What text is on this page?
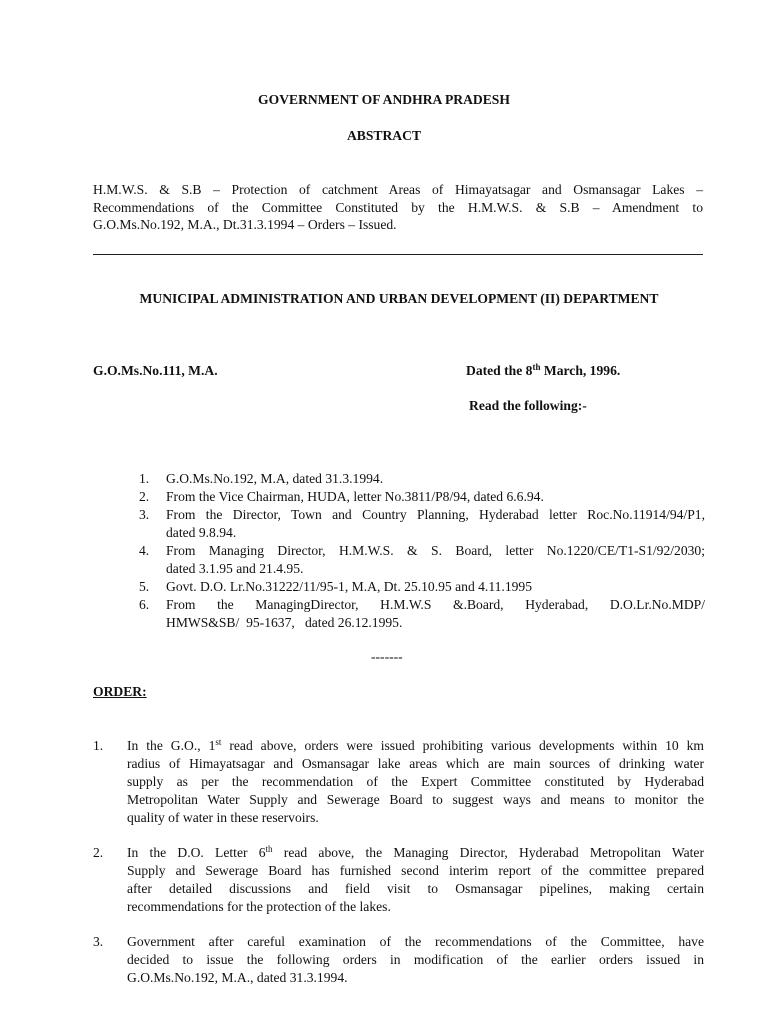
GOVERNMENT OF ANDHRA PRADESH
ABSTRACT
H.M.W.S. & S.B – Protection of catchment Areas of Himayatsagar and Osmansagar Lakes –
Recommendations of the Committee Constituted by the H.M.W.S. & S.B – Amendment to
G.O.Ms.No.192, M.A., Dt.31.3.1994 – Orders – Issued.
MUNICIPAL ADMINISTRATION AND URBAN DEVELOPMENT (II) DEPARTMENT
G.O.Ms.No.111, M.A.	Dated the 8th March, 1996.
Read the following:-
1. G.O.Ms.No.192, M.A, dated 31.3.1994.
2. From the Vice Chairman, HUDA, letter No.3811/P8/94, dated 6.6.94.
3. From the Director, Town and Country Planning, Hyderabad letter Roc.No.11914/94/P1,
dated 9.8.94.
4. From Managing Director, H.M.W.S. & S. Board, letter No.1220/CE/T1-S1/92/2030;
dated 3.1.95 and 21.4.95.
5. Govt. D.O. Lr.No.31222/11/95-1, M.A, Dt. 25.10.95 and 4.11.1995
6. From the ManagingDirector, H.M.W.S &.Board, Hyderabad, D.O.Lr.No.MDP/
HMWS&SB/  95-1637,   dated 26.12.1995.
-------
ORDER:
1. In the G.O., 1st read above, orders were issued prohibiting various developments within 10 km
radius of Himayatsagar and Osmansagar lake areas which are main sources of drinking water
supply as per the recommendation of the Expert Committee constituted by Hyderabad
Metropolitan Water Supply and Sewerage Board to suggest ways and means to monitor the
quality of water in these reservoirs.
2. In the D.O. Letter 6th read above, the Managing Director, Hyderabad Metropolitan Water
Supply and Sewerage Board has furnished second interim report of the committee prepared
after detailed discussions and field visit to Osmansagar pipelines, making certain
recommendations for the protection of the lakes.
3. Government after careful examination of the recommendations of the Committee, have
decided to issue the following orders in modification of the earlier orders issued in
G.O.Ms.No.192, M.A., dated 31.3.1994.
